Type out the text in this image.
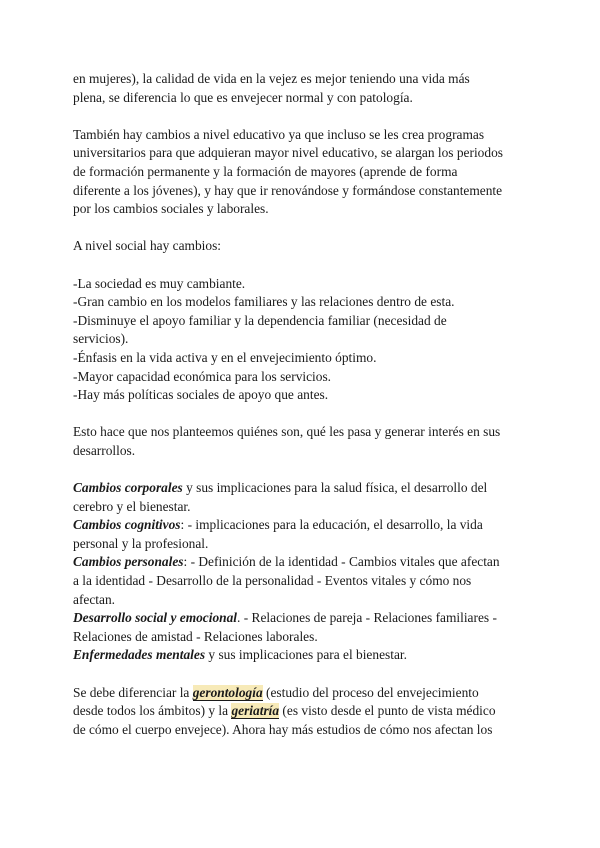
en mujeres), la calidad de vida en la vejez es mejor teniendo una vida más
plena, se diferencia lo que es envejecer normal y con patología.
También hay cambios a nivel educativo ya que incluso se les crea programas
universitarios para que adquieran mayor nivel educativo, se alargan los periodos
de formación permanente y la formación de mayores (aprende de forma
diferente a los jóvenes), y hay que ir renovándose y formándose constantemente
por los cambios sociales y laborales.
A nivel social hay cambios:
-La sociedad es muy cambiante.
-Gran cambio en los modelos familiares y las relaciones dentro de esta.
-Disminuye el apoyo familiar y la dependencia familiar (necesidad de
servicios).
-Énfasis en la vida activa y en el envejecimiento óptimo.
-Mayor capacidad económica para los servicios.
-Hay más políticas sociales de apoyo que antes.
Esto hace que nos planteemos quiénes son, qué les pasa y generar interés en sus
desarrollos.
Cambios corporales y sus implicaciones para la salud física, el desarrollo del
cerebro y el bienestar.
Cambios cognitivos: - implicaciones para la educación, el desarrollo, la vida
personal y la profesional.
Cambios personales: - Definición de la identidad - Cambios vitales que afectan
a la identidad - Desarrollo de la personalidad - Eventos vitales y cómo nos
afectan.
Desarrollo social y emocional. - Relaciones de pareja - Relaciones familiares -
Relaciones de amistad - Relaciones laborales.
Enfermedades mentales y sus implicaciones para el bienestar.
Se debe diferenciar la gerontología (estudio del proceso del envejecimiento
desde todos los ámbitos) y la geriatría (es visto desde el punto de vista médico
de cómo el cuerpo envejece). Ahora hay más estudios de cómo nos afectan los
